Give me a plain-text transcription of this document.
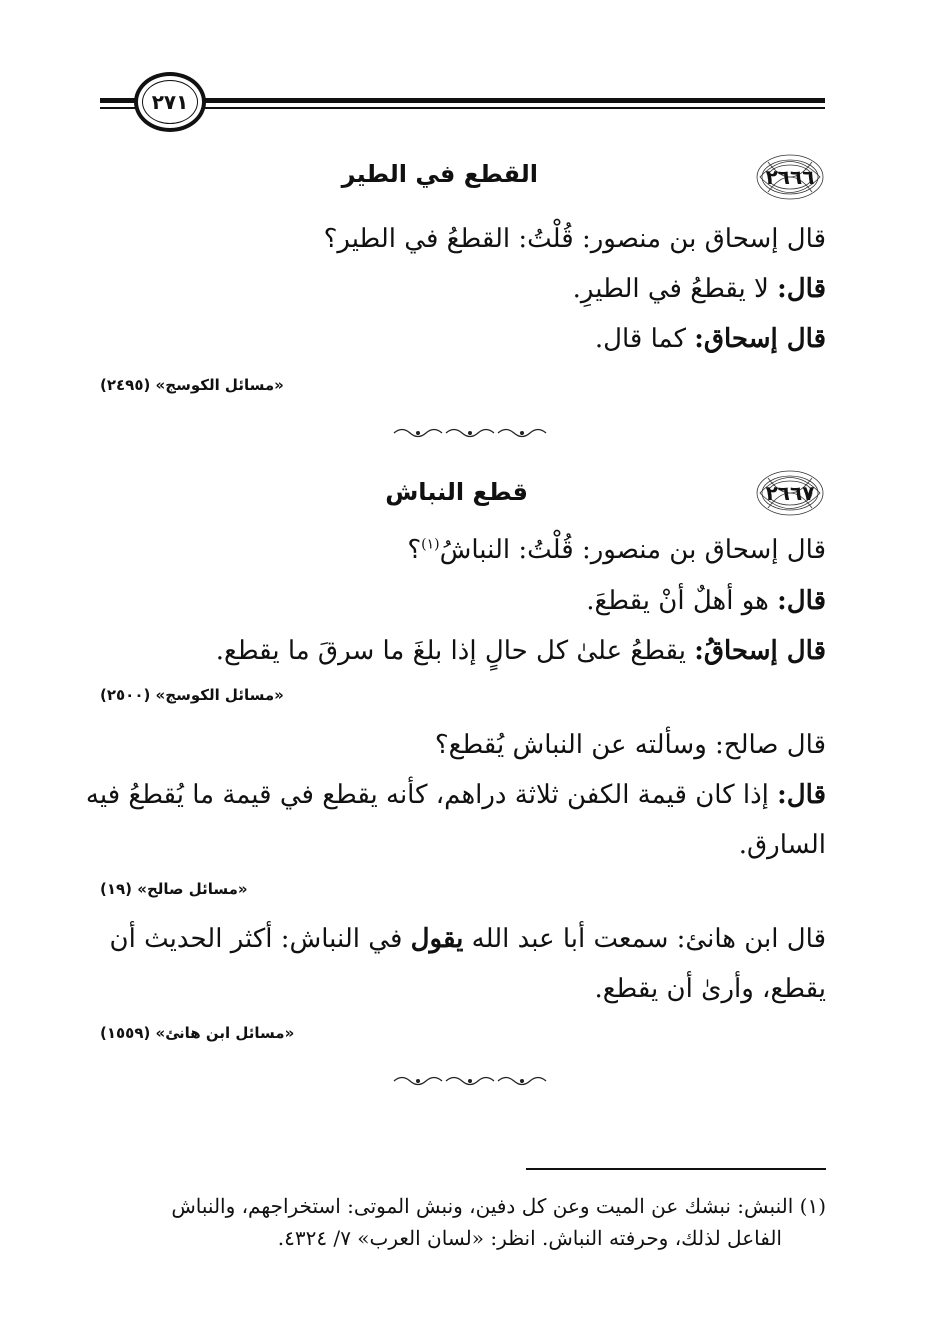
٢٧١
٢٦٦٦
القطع في الطير
قال إسحاق بن منصور: قُلْتُ: القطعُ في الطير؟
قال: لا يقطعُ في الطيرِ.
قال إسحاق: كما قال.
«مسائل الكوسج» (٢٤٩٥)
٢٦٦٧
قطع النباش
قال إسحاق بن منصور: قُلْتُ: النباشُ$^{(١)}$؟
قال: هو أهلٌ أنْ يقطعَ.
قال إسحاقُ: يقطعُ علىٰ كل حالٍ إذا بلغَ ما سرقَ ما يقطع.
«مسائل الكوسج» (٢٥٠٠)
قال صالح: وسألته عن النباش يُقطع؟
قال: إذا كان قيمة الكفن ثلاثة دراهم، كأنه يقطع في قيمة ما يُقطعُ فيه
السارق.
«مسائل صالح» (١٩)
قال ابن هانئ: سمعت أبا عبد الله يقول في النباش: أكثر الحديث أن
يقطع، وأرىٰ أن يقطع.
«مسائل ابن هانئ» (١٥٥٩)
(١) النبش: نبشك عن الميت وعن كل دفين، ونبش الموتى: استخراجهم، والنباش
الفاعل لذلك، وحرفته النباش. انظر: «لسان العرب» ٧/ ٤٣٢٤.
